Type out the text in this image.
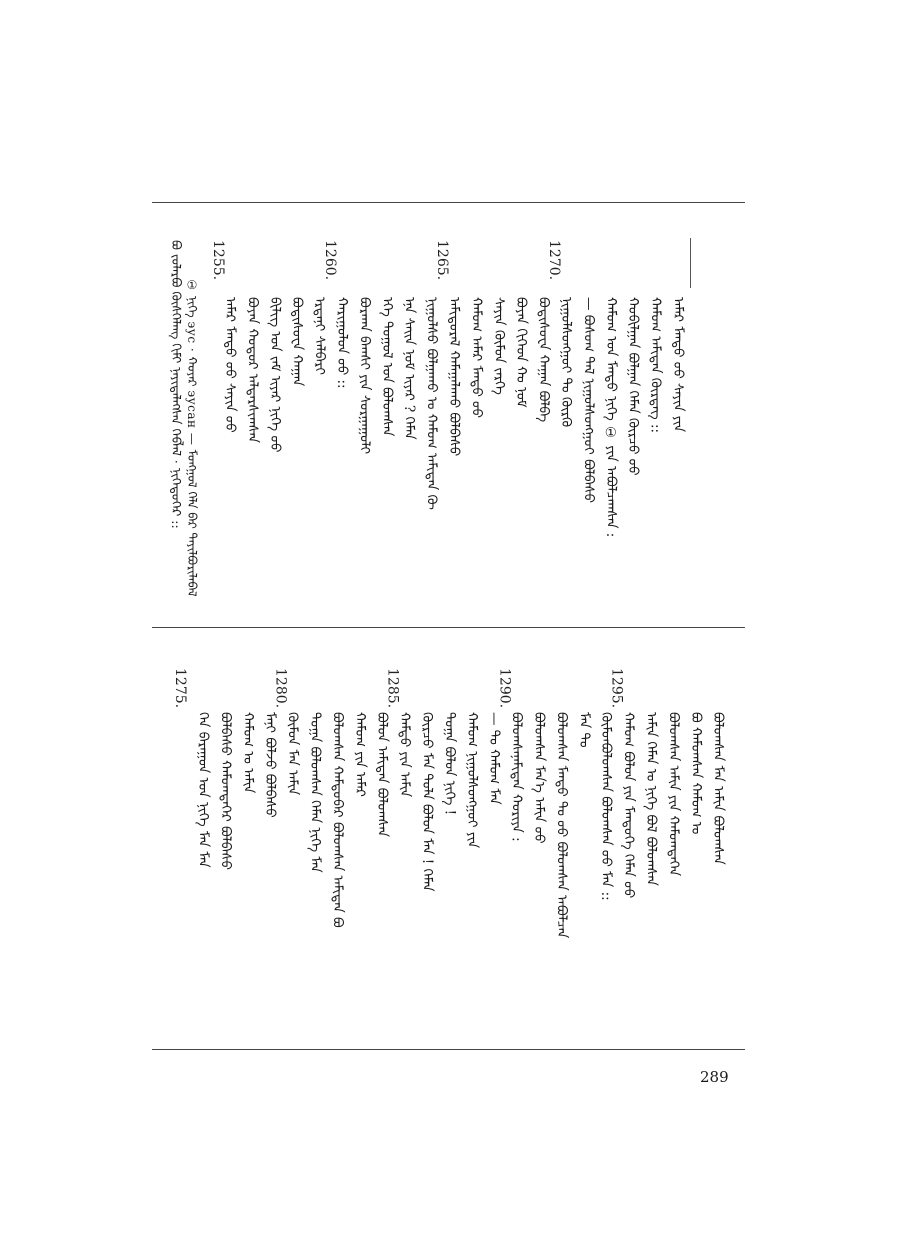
ᠪᠣ ᠵᠤᠯᠠᠷᠪᠣ ᠬᠦᠰᠬᠡᠯᠡᠩ ᠬᠢᠮᠢ ᠨᠡᠶᠢᠲᠡᠯᠡᠭᠰᠡᠨ ᠬᠡᠪᠯᠡᠯ · ᠨᠢᠭᠡᠳᠦᠭᠡᠷ :: ① ᠨᠢᠭᠡ эус · ᠬᠣᠶᠠᠷ эусан — ᠮᠣᠩᠭᠣᠯ ᠬᠡᠯᠡ ᠪᠡᠷ ᠲᠠᠶᠢᠯᠪᠤᠷᠢᠯᠠᠪᠠᠯ ᠠᠮᠠᠷ ᠮᠡᠨᠳᠦ ᠤᠤ ᠰᠠᠶᠢᠨ ᠤᠤ ᠪᠣᠶᠠᠨ ᠬᠣᠲᠤᠷ ᠠᠯᠳᠠᠷᠰᠢᠭᠰᠠᠨ ᠪᠢᠯᠢᠭ ᠤᠨ ᠵᠠᠮ ᠢᠶᠠᠷ ᠨᠢᠭᠡ ᠤᠤ ᠪᠣᠳᠢᠰᠤᠸᠠ ᠬᠠᠭᠠᠨ ᠡᠷᠳᠡᠨᠢ ᠰᠠᠯᠪᠠᠷᠢ ᠬᠠᠷᠢᠭᠤᠯᠤᠨ ᠤᠤ :: ᠪᠤᠷᠬᠠᠨ ᠪᠠᠭᠰᠢ ᠶᠢᠨ ᠰᠤᠷᠭᠠᠭᠤᠯᠢ ᠡᠬᠡ ᠲᠤᠭᠤᠯ ᠤᠨ ᠪᠣᠯᠤᠭᠰᠠᠨ ᠡᠨᠡ ᠰᠠᠢᠨ ᠨᠣᠮ ᠢᠶᠠᠷ ? ᠬᠡᠮᠡᠨ ᠨᠢᠭᠤᠯᠰᠤ ᠪᠣᠯᠭᠠᠬᠤ ᠤ ᠬᠠᠮᠤᠭ ᠠᠮᠢᠲᠠᠨ ᠬᠦ ᠠᠮᠢᠳᠤᠷᠠᠯ ᠬᠠᠮᠠᠭᠠᠯᠠᠬᠤ ᠪᠣᠯᠪᠠᠰᠤ ᠬᠠᠮᠤᠭ ᠠᠮᠠᠷ ᠮᠡᠨᠳᠦ ᠤᠤ ᠰᠠᠶᠢᠨ ᠬᠦᠮᠦᠨ ᠵᠡᠷᠭᠡ ᠪᠣᠶᠠᠨ ᠬᠢᠭᠡᠳ ᠬᠤ ᠨᠣᠮ ᠪᠣᠳᠢᠰᠤᠸᠠ ᠬᠠᠭᠠᠨ ᠪᠣᠯᠪᠠ ᠨᠢᠭᠤᠯᠰᠤᠩᠭᠤᠢ ᠲᠤ ᠬᠦᠷᠬᠦ — ᠪᠣᠰᠣᠭ ᠲᠠᠯ ᠨᠢᠭᠤᠯᠰᠤᠩᠭᠤᠢ ᠪᠣᠯᠪᠠᠰᠤ ᠬᠠᠮᠤᠭ ᠤᠨ ᠮᠡᠨᠳᠦ ᠨᠢᠭᠡ ① ᠶᠢᠨ ᠠᠪᠤᠯᠴᠠᠭᠰᠠᠨ : ᠬᠤᠪᠢᠯᠭᠠᠨ ᠪᠣᠯᠭᠠᠨ ᠬᠡᠮᠡᠨ ᠬᠦᠷᠴᠦ ᠤᠤ ᠬᠠᠮᠤᠭ ᠠᠮᠢᠲᠠᠨ ᠬᠦᠷᠳᠡᠭ :: ᠠᠮᠠᠷ ᠮᠡᠨᠳᠦ ᠤᠤ ᠰᠠᠶᠢᠨ ᠶᠢᠨ
1270.
1265.
1260.
1255.
ᠬᠡᠨ ᠪᠠᠷᠠᠭᠤᠨ ᠤᠨ ᠨᠢᠭᠡ ᠮᠡᠨ ᠮᠡᠨ ᠪᠣᠯᠪᠠᠰᠤ ᠬᠠᠮᠤᠭᠲᠡᠭᠡᠷ ᠪᠣᠯᠪᠠᠰᠤ ᠬᠠᠮᠤᠭ ᠤ ᠠᠮᠢᠨ ᠮᠠᠨᠢ ᠪᠣᠯᠵᠤ ᠪᠣᠯᠪᠠᠰᠤ ᠬᠦᠮᠦᠨ ᠮᠡᠨ ᠠᠮᠢᠨ ᠲᠣᠭᠠ ᠪᠣᠯᠤᠭᠰᠠᠨ ᠬᠡᠮᠡᠨ ᠨᠢᠭᠡ ᠮᠡᠨ ᠪᠣᠯᠤᠭᠰᠠᠨ ᠬᠠᠮᠲᠤᠪᠠᠷ ᠪᠣᠯᠤᠭᠰᠠᠨ ᠠᠮᠢᠲᠠᠨ ᠪᠣ ᠬᠠᠮᠤᠭ ᠶᠢᠨ ᠠᠮᠠᠷ ᠪᠣᠯᠤᠨ ᠠᠮᠢᠲᠠᠨ ᠪᠣᠯᠤᠭᠰᠠᠨ ᠬᠠᠮᠲᠤ ᠶᠢᠨ ᠠᠮᠢᠨ ᠬᠦᠷᠴᠦ ᠮᠡᠨ ᠲᠤᠯᠠ ᠪᠣᠯᠤᠨ ᠮᠡᠨ ! ᠬᠡᠮᠡᠨ ᠲᠣᠭᠠ ᠪᠣᠯᠤᠨ ᠨᠢᠭᠡ ! ᠬᠠᠮᠤᠭ ᠨᠢᠭᠤᠯᠰᠤᠩᠭᠤᠢ ᠶᠢᠨ — ᠲᠤ ᠬᠠᠮᠤᠭ ᠮᠡᠨ ᠪᠣᠯᠤᠭᠰᠠᠨᠠᠮᠢᠲᠠᠨ ᠬᠤᠷᠢᠶᠠ : ᠪᠣᠯᠤᠭᠰᠠᠨ ᠮᠡᠨ᠎ᠡ ᠠᠮᠢᠨ ᠤᠤ ᠪᠣᠯᠤᠭᠰᠠᠨ ᠮᠡᠨᠳᠦ ᠲᠤ ᠤᠤ ᠪᠣᠯᠤᠭᠰᠠᠨ ᠠᠪᠤᠯᠴᠠᠨ ᠮᠠᠨ ᠲᠤ ᠬᠦᠮᠦᠨᠪᠣᠯᠤᠭᠰᠠᠨ ᠪᠣᠯᠤᠭᠰᠠᠨ ᠤᠤ ᠮᠡᠨ :: ᠬᠠᠮᠤᠭ ᠪᠣᠯᠤᠨ ᠶᠢᠨ ᠮᠡᠨᠳᠦᠭᠡ ᠬᠡᠮᠡᠨ ᠤᠤ ᠠᠮᠢᠨ ᠬᠡᠮᠡᠨ ᠤ ᠨᠢᠭᠡ ᠪᠣᠯ ᠪᠣᠯᠤᠭᠰᠠᠨ ᠪᠣᠯᠤᠭᠰᠠᠨ ᠠᠮᠢᠨ ᠶᠢᠨ ᠬᠠᠮᠤᠭᠲᠡᠭᠡᠨ ᠪᠣ ᠬᠠᠮᠤᠭᠰᠠᠨ ᠬᠠᠮᠤᠭ ᠤ ᠪᠣᠯᠤᠭᠰᠠᠨ ᠮᠡᠨ ᠠᠮᠢᠨ ᠪᠣᠯᠤᠭᠰᠠᠨ
1295.
1290.
1285.
1280.
1275.
289
